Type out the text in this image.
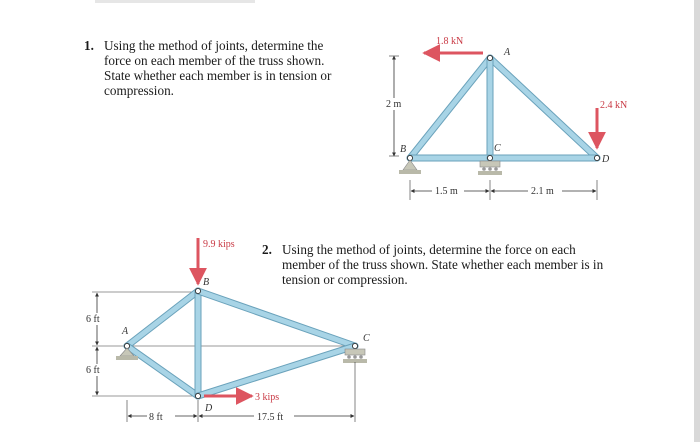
1. Using the method of joints, determine the force on each member of the truss shown. State whether each member is in tension or compression.
2. Using the method of joints, determine the force on each member of the truss shown. State whether each member is in tension or compression.
1.8 kN
2.4 kN
2 m
1.5 m	2.1 m
A
B	C
D
9.9 kips
3 kips
6 ft
6 ft
8 ft	17.5 ft
A
B
C
D
